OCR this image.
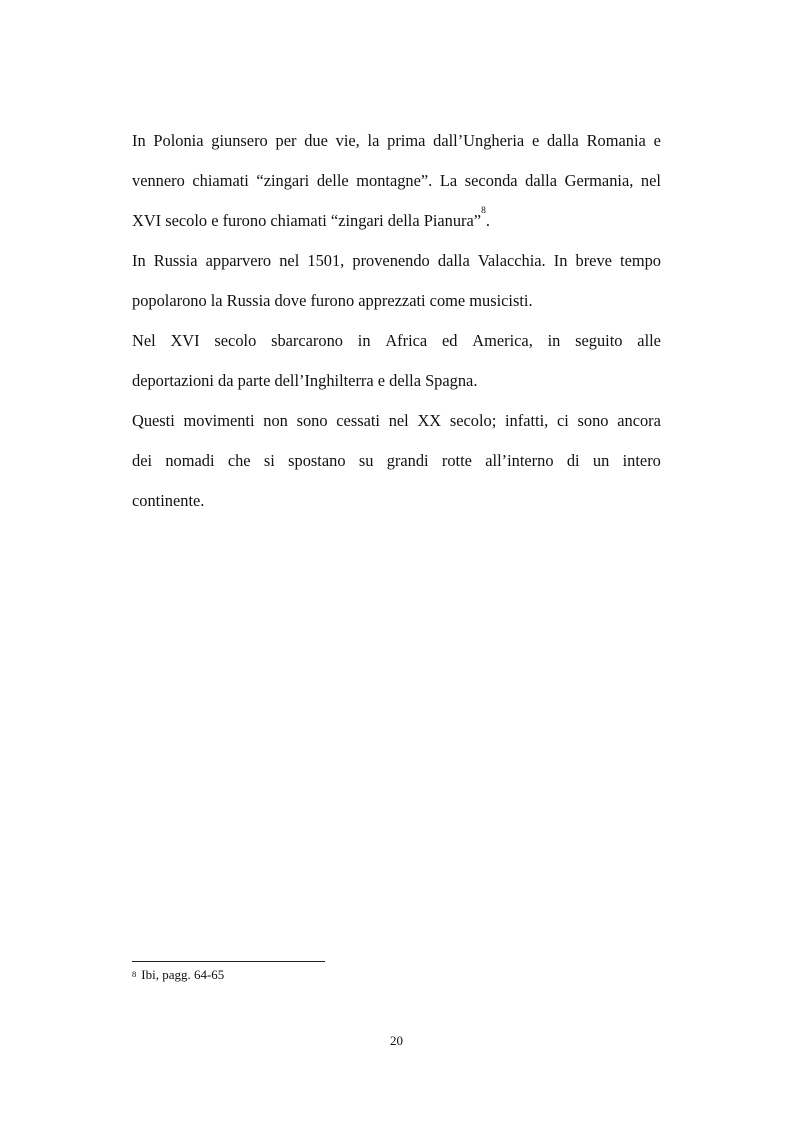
In Polonia giunsero per due vie, la prima dall’Ungheria e dalla Romania e
vennero chiamati “zingari delle montagne”. La seconda dalla Germania, nel
XVI secolo e furono chiamati “zingari della Pianura”$^8$.
In Russia apparvero nel 1501, provenendo dalla Valacchia. In breve tempo
popolarono la Russia dove furono apprezzati come musicisti.
Nel XVI secolo sbarcarono in Africa ed America, in seguito alle
deportazioni da parte dell’Inghilterra e della Spagna.
Questi movimenti non sono cessati nel XX secolo; infatti, ci sono ancora
dei nomadi che si spostano su grandi rotte all’interno di un intero
continente.
$^8$ Ibi, pagg. 64-65
20
